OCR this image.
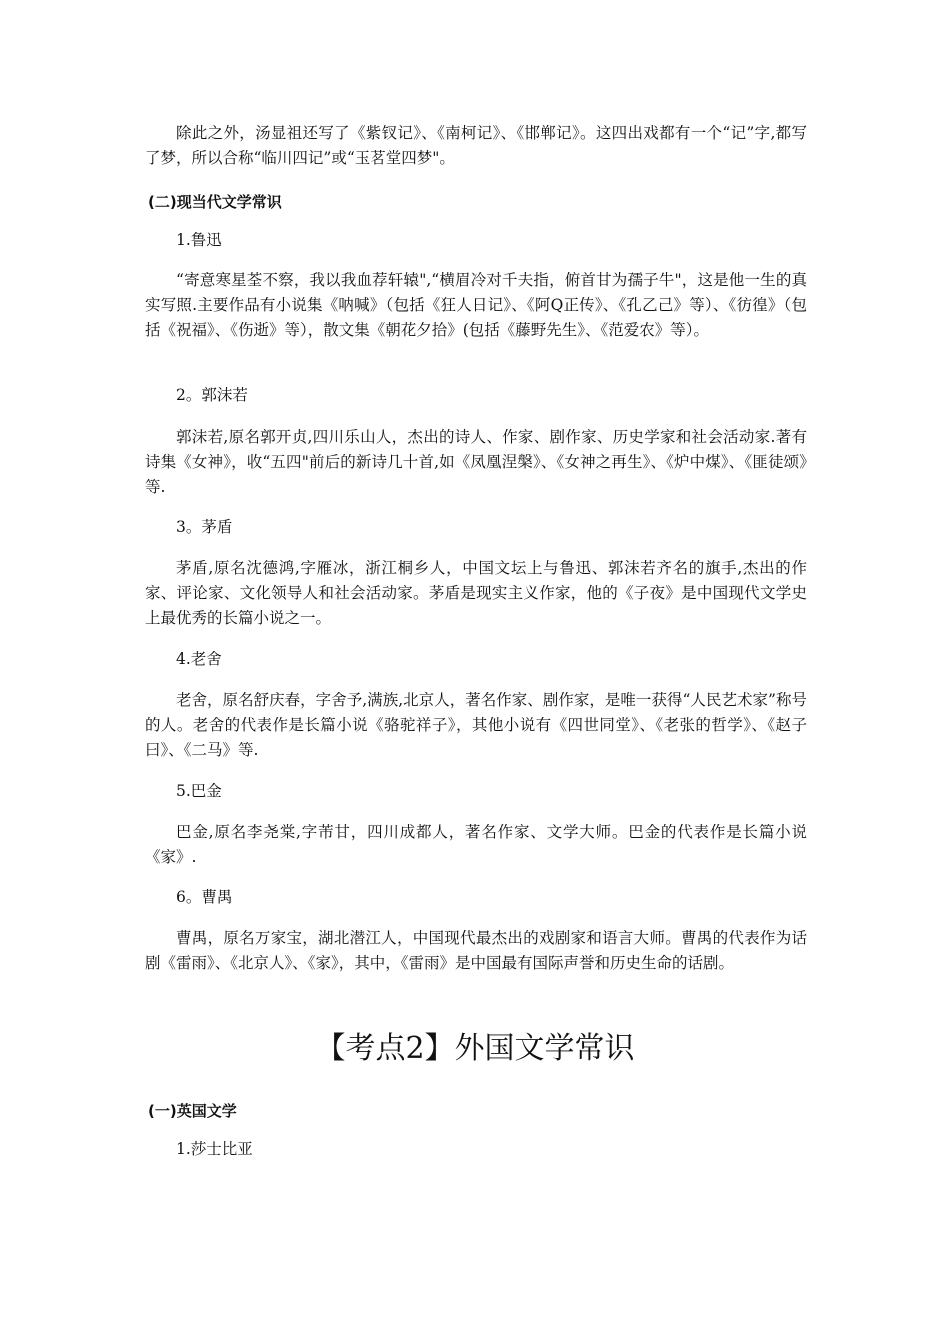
除此之外，汤显祖还写了《紫钗记》、《南柯记》、《邯郸记》。这四出戏都有一个“记”字,都写了梦，所以合称“临川四记”或“玉茗堂四梦"。

(二)现当代文学常识

1.鲁迅

“寄意寒星荃不察，我以我血荐轩辕",“横眉冷对千夫指，俯首甘为孺子牛"，这是他一生的真实写照.主要作品有小说集《呐喊》（包括《狂人日记》、《阿Q正传》、《孔乙己》等）、《彷徨》（包括《祝福》、《伤逝》等），散文集《朝花夕拾》(包括《藤野先生》、《范爱农》等）。

2。郭沫若

郭沫若,原名郭开贞,四川乐山人，杰出的诗人、作家、剧作家、历史学家和社会活动家.著有诗集《女神》，收“五四"前后的新诗几十首,如《凤凰涅槃》、《女神之再生》、《炉中煤》、《匪徒颂》等.

3。茅盾

茅盾,原名沈德鸿,字雁冰，浙江桐乡人，中国文坛上与鲁迅、郭沫若齐名的旗手,杰出的作家、评论家、文化领导人和社会活动家。茅盾是现实主义作家，他的《子夜》是中国现代文学史上最优秀的长篇小说之一。

4.老舍

老舍，原名舒庆春，字舍予,满族,北京人，著名作家、剧作家，是唯一获得“人民艺术家”称号的人。老舍的代表作是长篇小说《骆驼祥子》，其他小说有《四世同堂》、《老张的哲学》、《赵子曰》、《二马》等.

5.巴金

巴金,原名李尧棠,字芾甘，四川成都人，著名作家、文学大师。巴金的代表作是长篇小说《家》.

6。曹禺

曹禺，原名万家宝，湖北潜江人，中国现代最杰出的戏剧家和语言大师。曹禺的代表作为话剧《雷雨》、《北京人》、《家》，其中，《雷雨》是中国最有国际声誉和历史生命的话剧。

【考点2】外国文学常识

(一)英国文学

1.莎士比亚
